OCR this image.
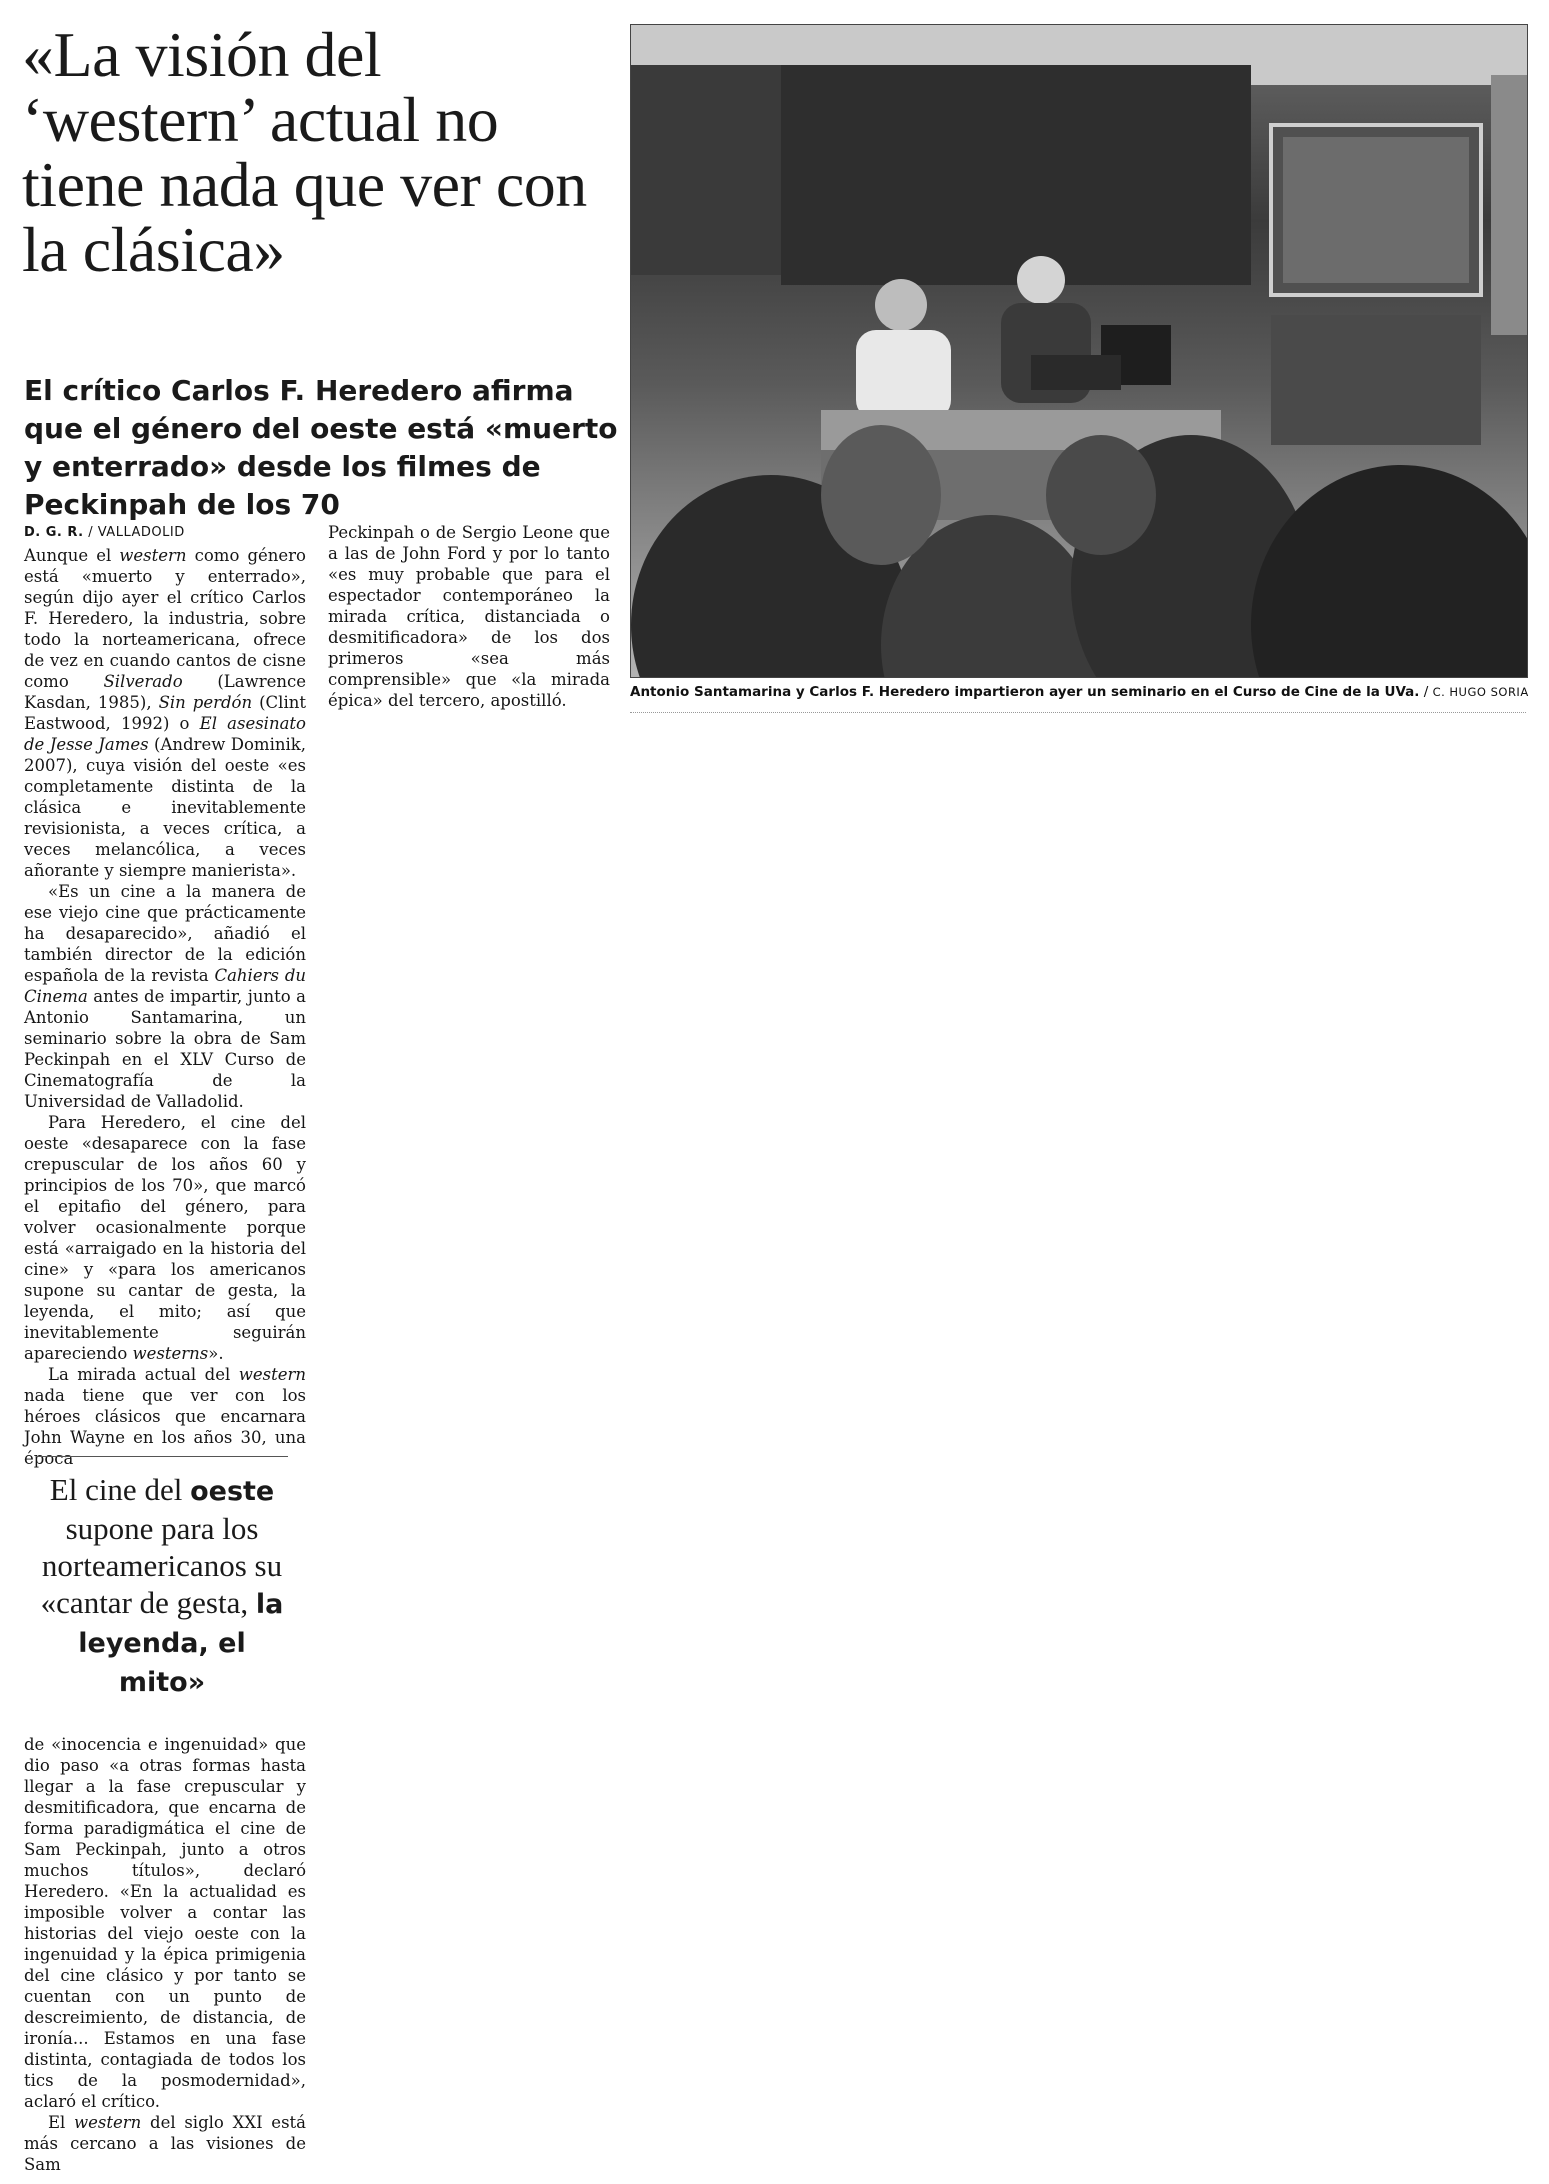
«La visión del ‘western’ actual no tiene nada que ver con la clásica»
El crítico Carlos F. Heredero afirma que el género del oeste está «muerto y enterrado» desde los filmes de Peckinpah de los 70
D. G. R. / VALLADOLID

Aunque el western como género está «muerto y enterrado», según dijo ayer el crítico Carlos F. Heredero, la industria, sobre todo la norteamericana, ofrece de vez en cuando cantos de cisne como Silverado (Lawrence Kasdan, 1985), Sin perdón (Clint Eastwood, 1992) o El asesinato de Jesse James (Andrew Dominik, 2007), cuya visión del oeste «es completamente distinta de la clásica e inevitablemente revisionista, a veces crítica, a veces melancólica, a veces añorante y siempre manierista».

«Es un cine a la manera de ese viejo cine que prácticamente ha desaparecido», añadió el también director de la edición española de la revista Cahiers du Cinema antes de impartir, junto a Antonio Santamarina, un seminario sobre la obra de Sam Peckinpah en el XLV Curso de Cinematografía de la Universidad de Valladolid.

Para Heredero, el cine del oeste «desaparece con la fase crepuscular de los años 60 y principios de los 70», que marcó el epitafio del género, para volver ocasionalmente porque está «arraigado en la historia del cine» y «para los americanos supone su cantar de gesta, la leyenda, el mito; así que inevitablemente seguirán apareciendo westerns».

La mirada actual del western nada tiene que ver con los héroes clásicos que encarnara John Wayne en los años 30, una época

El cine del oeste supone para los norteamericanos su «cantar de gesta, la leyenda, el mito»

de «inocencia e ingenuidad» que dio paso «a otras formas hasta llegar a la fase crepuscular y desmitificadora, que encarna de forma paradigmática el cine de Sam Peckinpah, junto a otros muchos títulos», declaró Heredero. «En la actualidad es imposible volver a contar las historias del viejo oeste con la ingenuidad y la épica primigenia del cine clásico y por tanto se cuentan con un punto de descreimiento, de distancia, de ironía... Estamos en una fase distinta, contagiada de todos los tics de la posmodernidad», aclaró el crítico.

El western del siglo XXI está más cercano a las visiones de Sam

Peckinpah o de Sergio Leone que a las de John Ford y por lo tanto «es muy probable que para el espectador contemporáneo la mirada crítica, distanciada o desmitificadora» de los dos primeros «sea más comprensible» que «la mirada épica» del tercero, apostilló.	Antonio Santamarina y Carlos F. Heredero impartieron ayer un seminario en el Curso de Cine de la UVa. / C. HUGO SORIA
